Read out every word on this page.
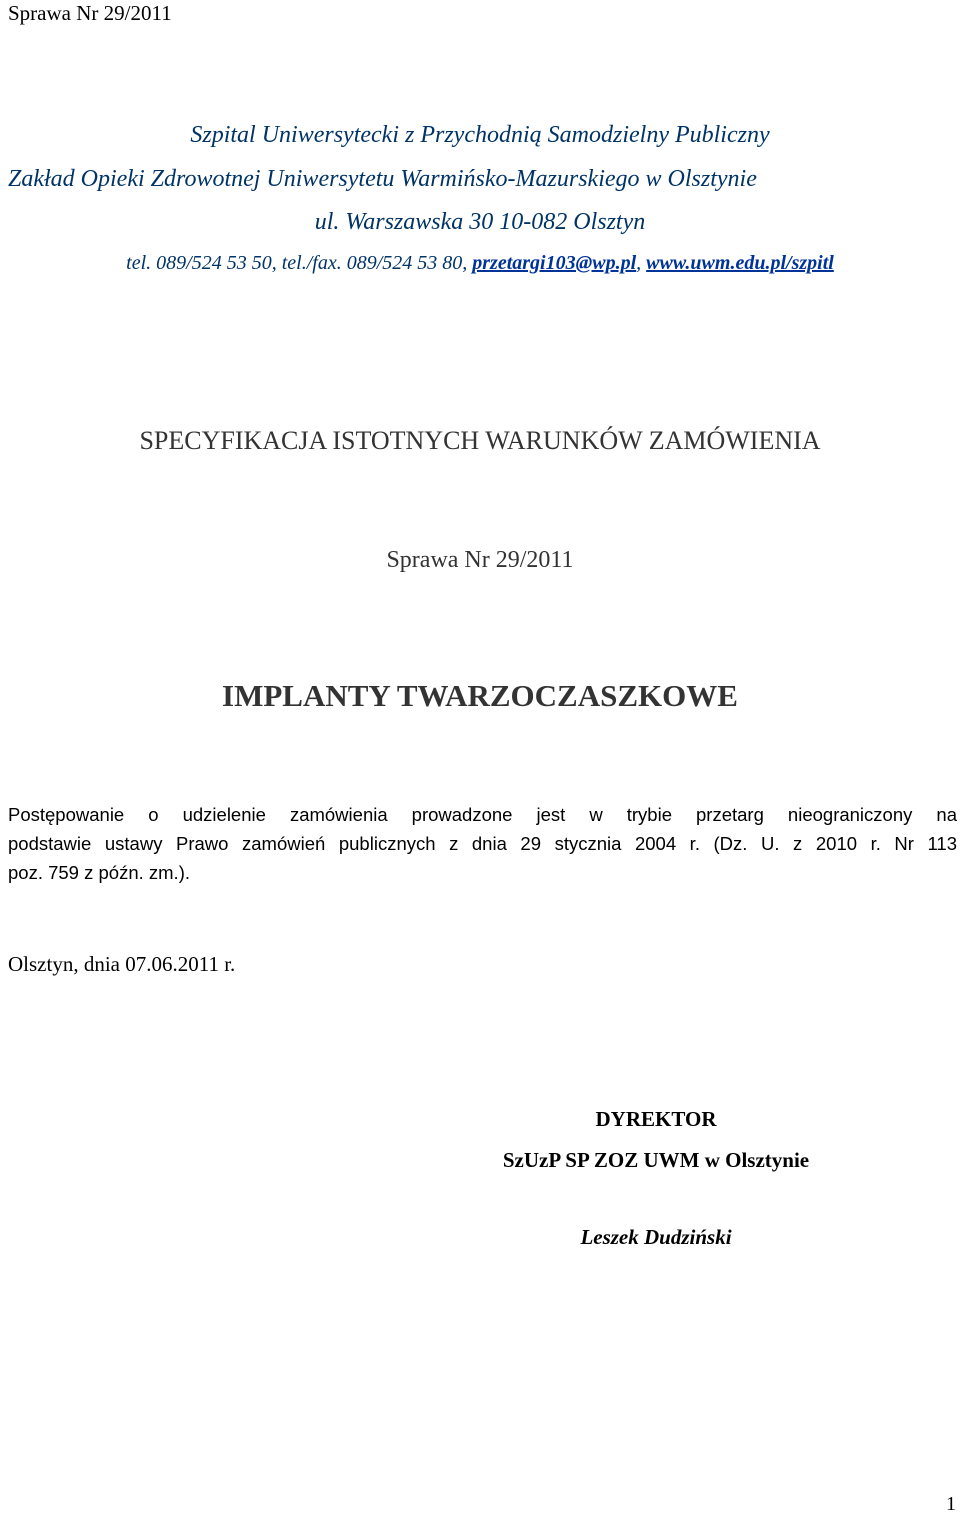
Sprawa Nr 29/2011
Szpital Uniwersytecki z Przychodnią Samodzielny Publiczny
Zakład Opieki Zdrowotnej Uniwersytetu Warmińsko-Mazurskiego w Olsztynie
ul. Warszawska 30 10-082 Olsztyn
tel. 089/524 53 50, tel./fax. 089/524 53 80, przetargi103@wp.pl, www.uwm.edu.pl/szpitl
SPECYFIKACJA ISTOTNYCH WARUNKÓW ZAMÓWIENIA
Sprawa Nr 29/2011
IMPLANTY TWARZOCZASZKOWE
Postępowanie o udzielenie zamówienia prowadzone jest w trybie przetarg nieograniczony na
podstawie ustawy Prawo zamówień publicznych z dnia 29 stycznia 2004 r. (Dz. U. z 2010 r. Nr 113
poz. 759 z późn. zm.).
Olsztyn, dnia 07.06.2011 r.
DYREKTOR
SzUzP SP ZOZ UWM w Olsztynie
Leszek Dudziński
1
